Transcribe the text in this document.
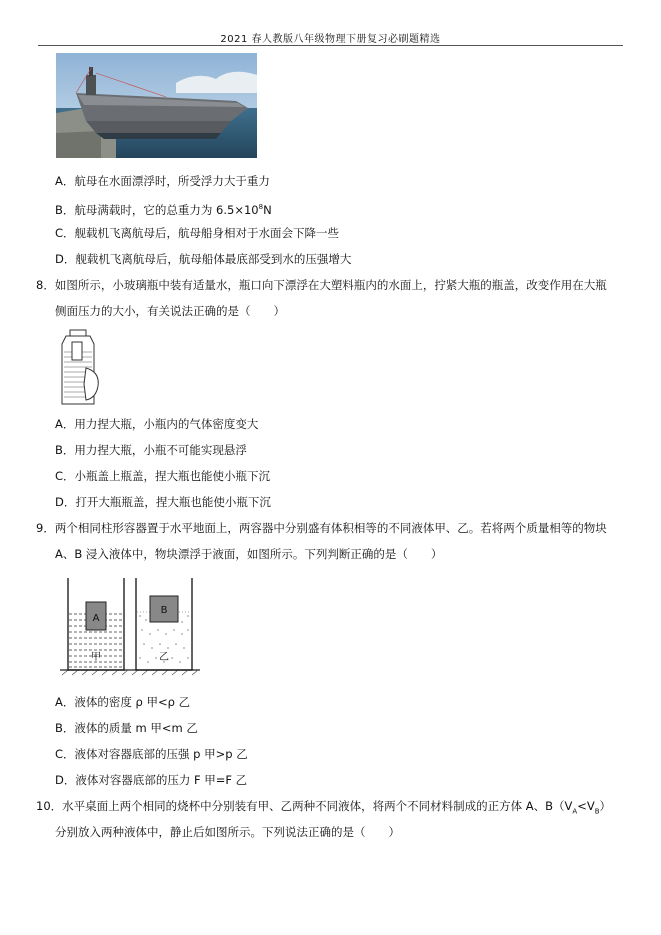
2021 春人教版八年级物理下册复习必刷题精选
A．航母在水面漂浮时，所受浮力大于重力
B．航母满载时，它的总重力为 $6.5\times 10^8N$
C．舰载机飞离航母后，航母船身相对于水面会下降一些
D．舰载机飞离航母后，航母船体最底部受到水的压强增大
8．如图所示，小玻璃瓶中装有适量水，瓶口向下漂浮在大塑料瓶内的水面上，拧紧大瓶的瓶盖，改变作用在大瓶
侧面压力的大小，有关说法正确的是（　　）
A．用力捏大瓶，小瓶内的气体密度变大
B．用力捏大瓶，小瓶不可能实现悬浮
C．小瓶盖上瓶盖，捏大瓶也能使小瓶下沉
D．打开大瓶瓶盖，捏大瓶也能使小瓶下沉
9．两个相同柱形容器置于水平地面上，两容器中分别盛有体积相等的不同液体甲、乙。若将两个质量相等的物块
A、B 浸入液体中，物块漂浮于液面，如图所示。下列判断正确的是（　　）
A
B
甲	乙
A．液体的密度 ρ 甲<ρ 乙
B．液体的质量 m 甲<m 乙
C．液体对容器底部的压强 p 甲>p 乙
D．液体对容器底部的压力 F 甲=F 乙
10．水平桌面上两个相同的烧杯中分别装有甲、乙两种不同液体，将两个不同材料制成的正方体 A、$B(V_A<V_B)$
分别放入两种液体中，静止后如图所示。下列说法正确的是（　　）
